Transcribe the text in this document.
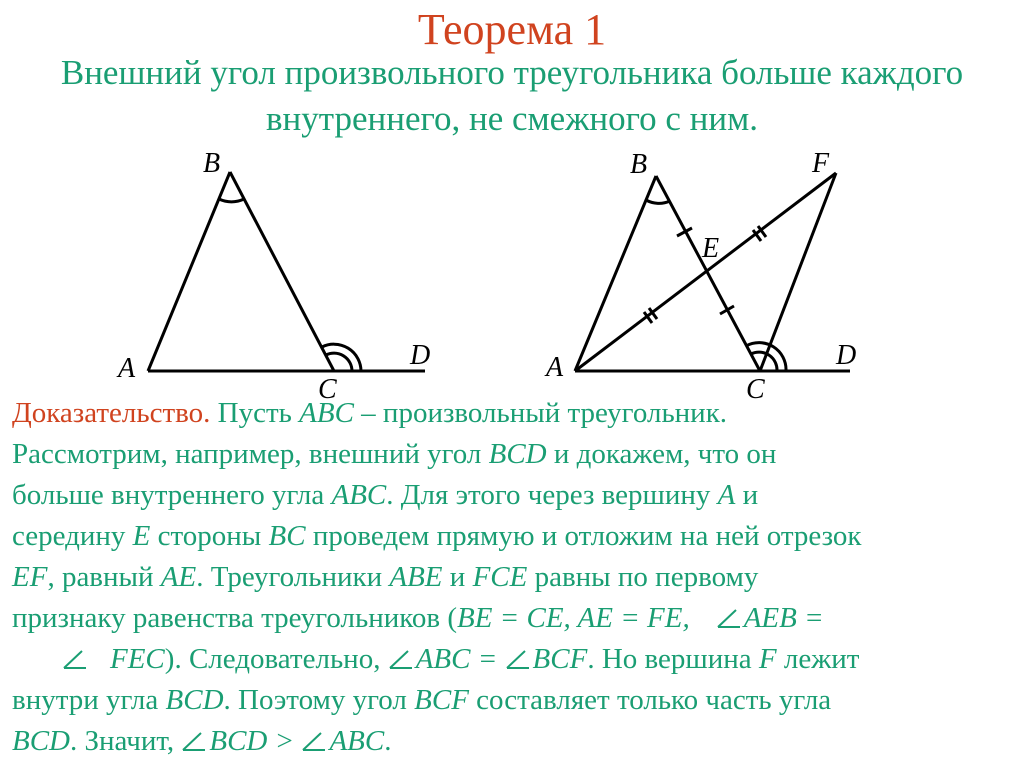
Теорема 1
Внешний угол произвольного треугольника больше каждого внутреннего, не смежного с ним.
B
A
C
D
B	F
E
A
C
D
Доказательство. Пусть ABC – произвольный треугольник.
Рассмотрим, например, внешний угол BCD и докажем, что он
больше внутреннего угла ABC. Для этого через вершину A и
середину E стороны BC проведем прямую и отложим на ней отрезок
EF, равный AE. Треугольники ABE и FCE равны по первому
признаку равенства треугольников (BE = CE, AE = FE, AEB =
FEC). Следовательно, ABC = BCF. Но вершина F лежит
внутри угла BCD. Поэтому угол BCF составляет только часть угла
BCD. Значит, BCD > ABC.
